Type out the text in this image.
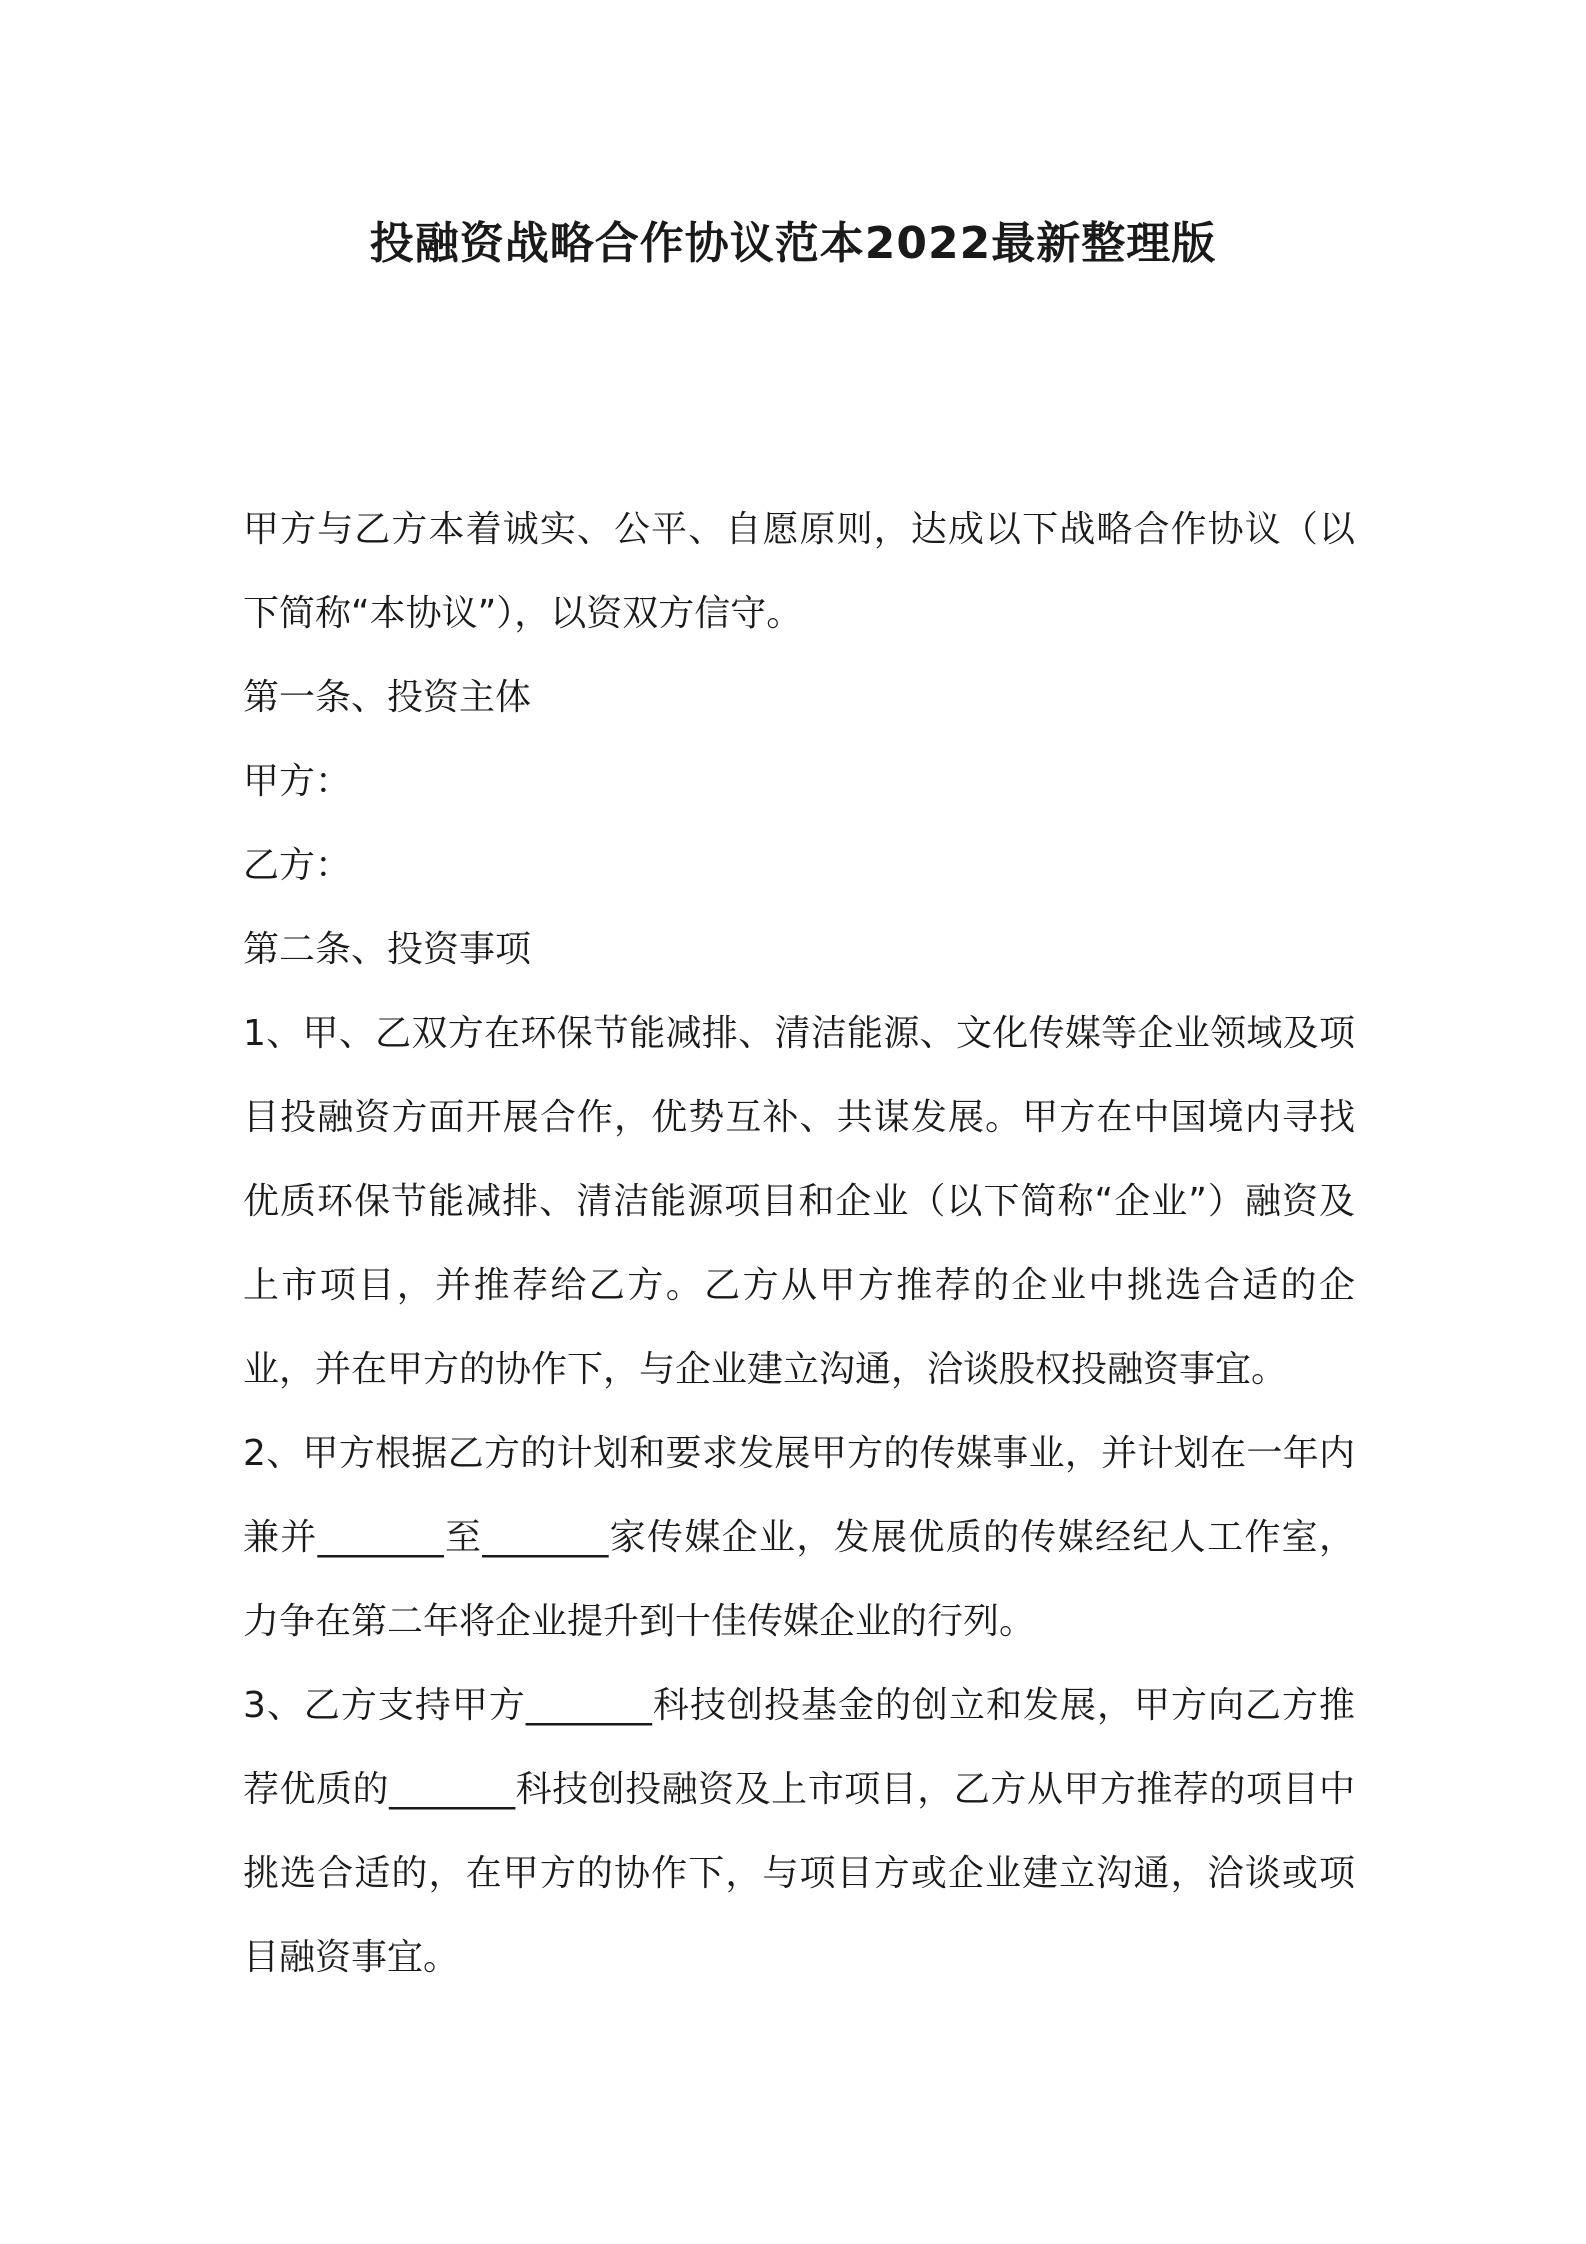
投融资战略合作协议范本2022最新整理版

甲方与乙方本着诚实、公平、自愿原则，达成以下战略合作协议（以下简称“本协议”），以资双方信守。

第一条、投资主体

甲方：

乙方：

第二条、投资事项

1、甲、乙双方在环保节能减排、清洁能源、文化传媒等企业领域及项目投融资方面开展合作，优势互补、共谋发展。甲方在中国境内寻找优质环保节能减排、清洁能源项目和企业（以下简称“企业”）融资及上市项目，并推荐给乙方。乙方从甲方推荐的企业中挑选合适的企业，并在甲方的协作下，与企业建立沟通，洽谈股权投融资事宜。

2、甲方根据乙方的计划和要求发展甲方的传媒事业，并计划在一年内兼并_______至_______家传媒企业，发展优质的传媒经纪人工作室，力争在第二年将企业提升到十佳传媒企业的行列。

3、乙方支持甲方_______科技创投基金的创立和发展，甲方向乙方推荐优质的_______科技创投融资及上市项目，乙方从甲方推荐的项目中挑选合适的，在甲方的协作下，与项目方或企业建立沟通，洽谈或项目融资事宜。
